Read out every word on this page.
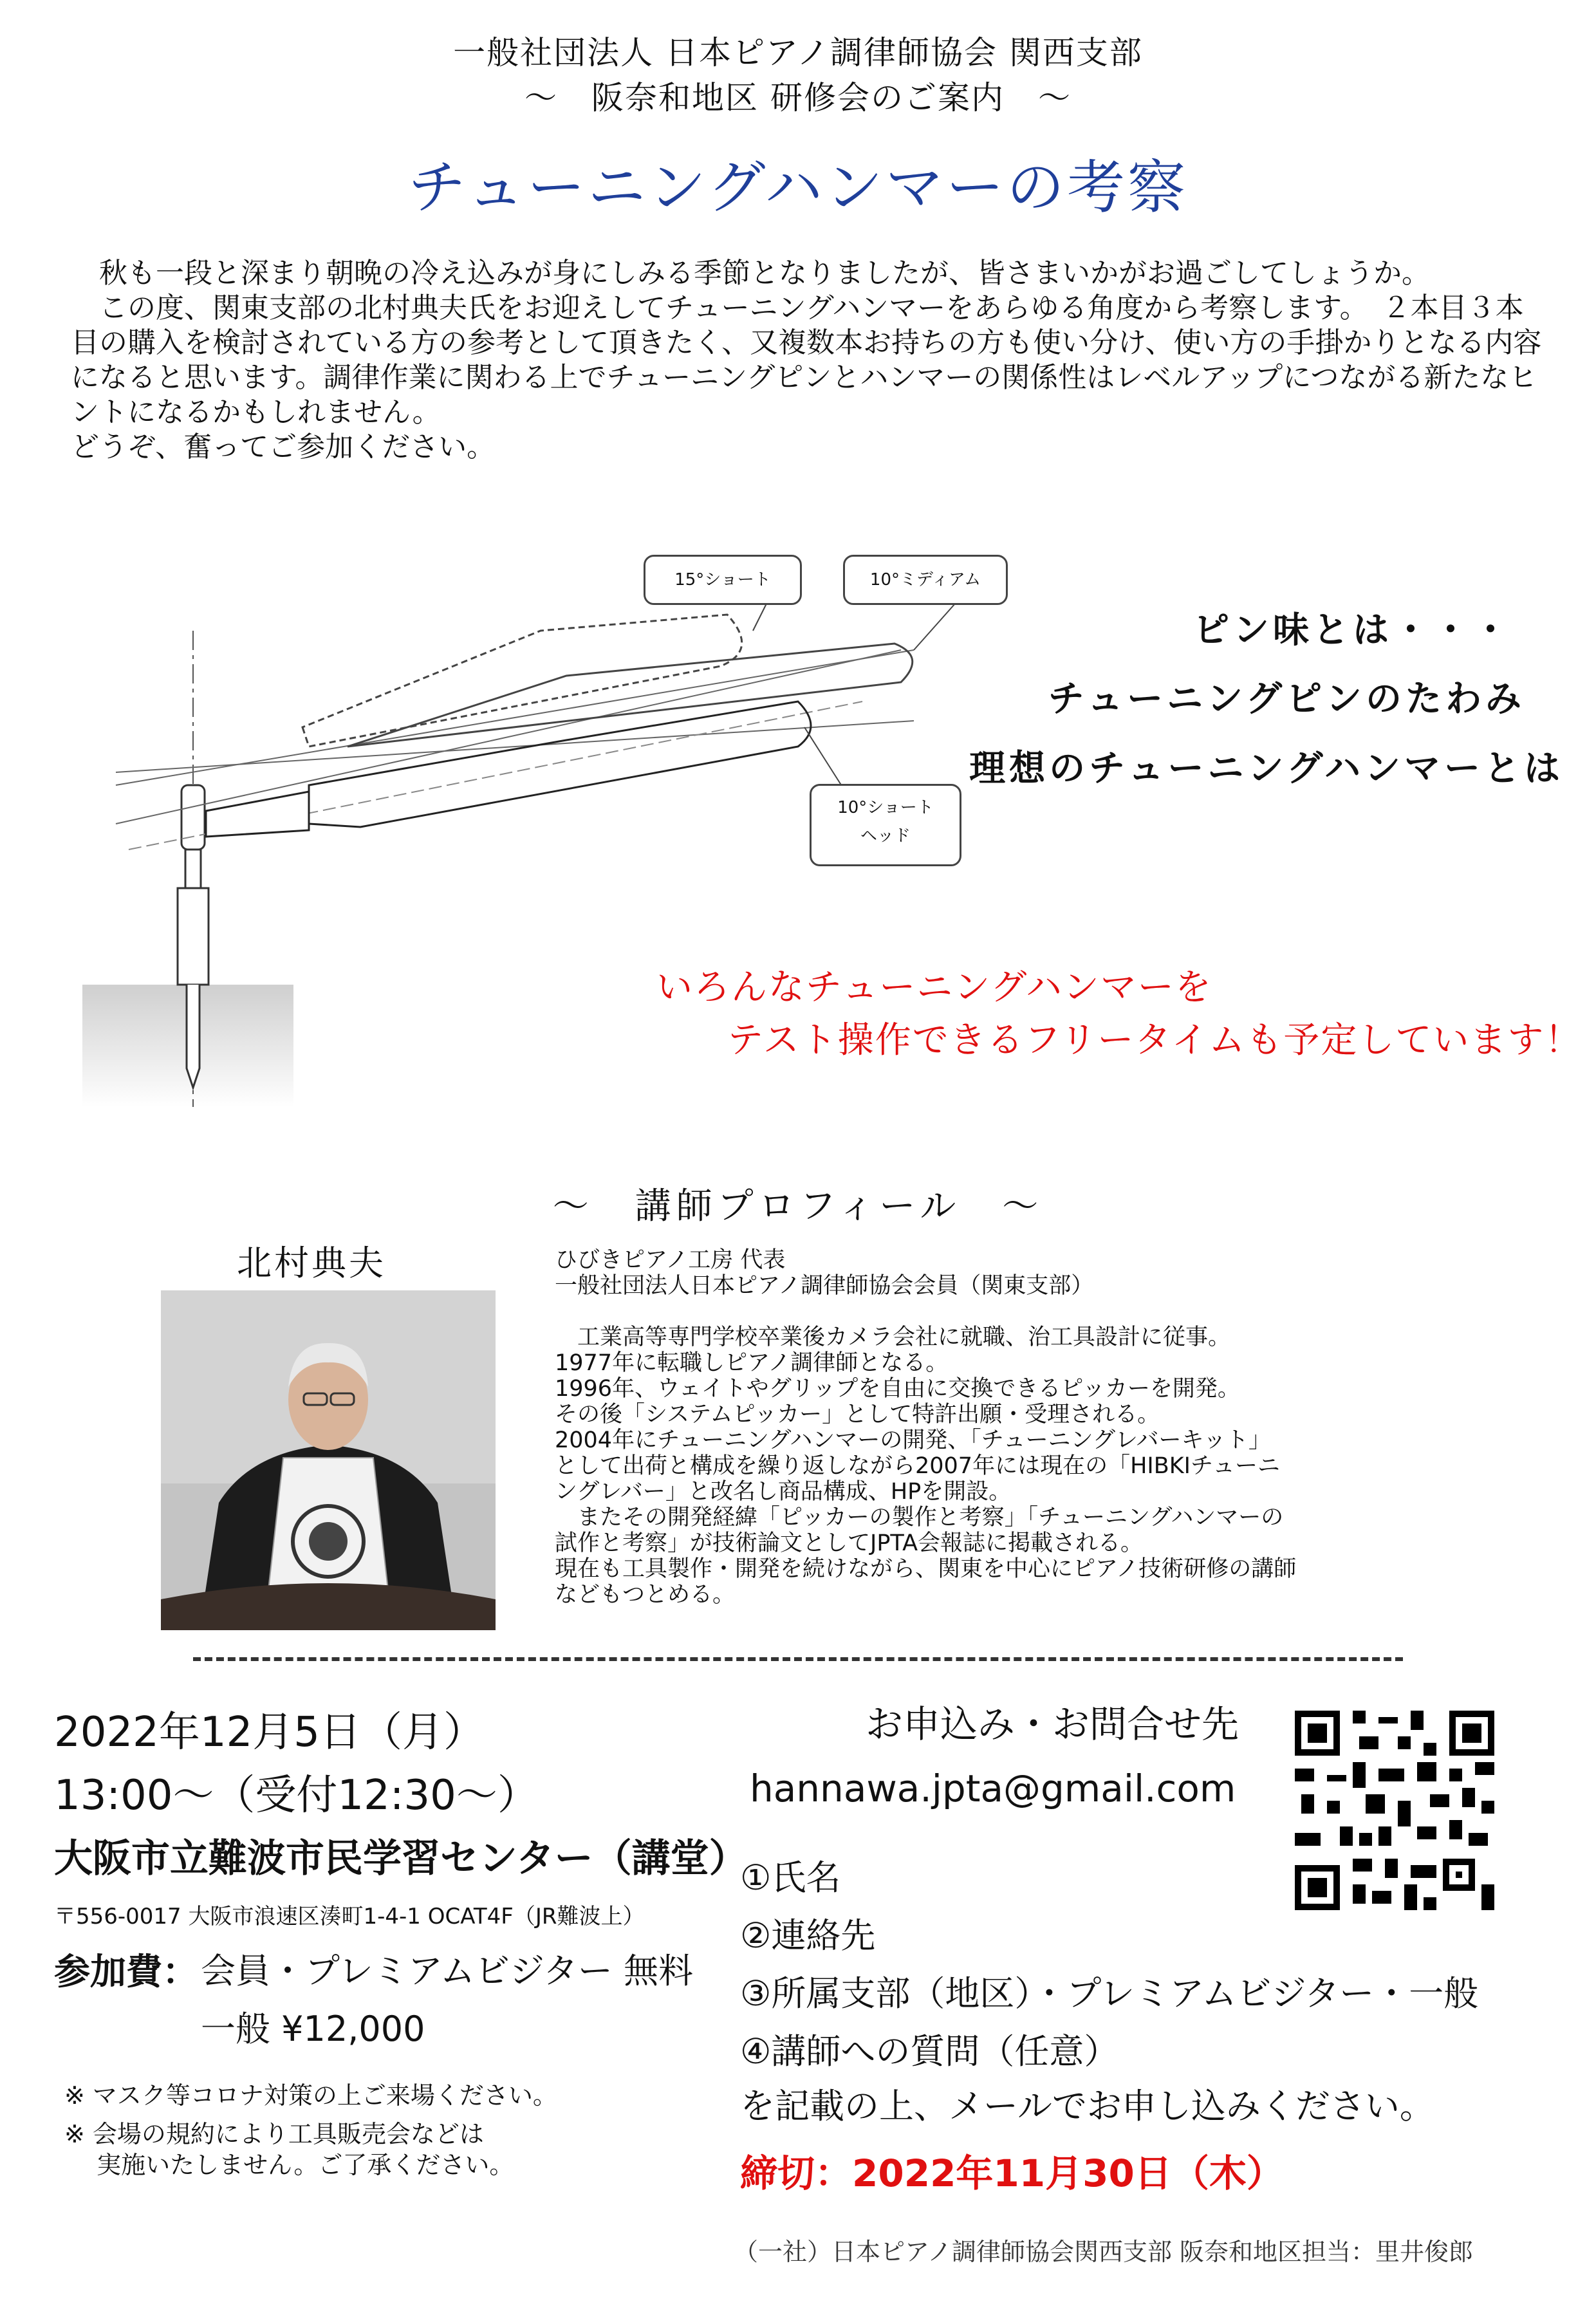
一般社団法人 日本ピアノ調律師協会 関西支部
〜　阪奈和地区 研修会のご案内　〜
チューニングハンマーの考察

　秋も一段と深まり朝晩の冷え込みが身にしみる季節となりましたが、皆さまいかがお過ごしてしょうか。

　この度、関東支部の北村典夫氏をお迎えしてチューニングハンマーをあらゆる角度から考察します。　２本目３本目の購入を検討されている方の参考として頂きたく、又複数本お持ちの方も使い分け、使い方の手掛かりとなる内容になると思います。調律作業に関わる上でチューニングピンとハンマーの関係性はレベルアップにつながる新たなヒントになるかもしれません。

どうぞ、奮ってご参加ください。

15°ショート	10°ミディアム
10°ショート
ヘッド
ピン味とは・・・
チューニングピンのたわみ
理想のチューニングハンマーとは
いろんなチューニングハンマーを
テスト操作できるフリータイムも予定しています！
〜　講師プロフィール　〜
北村典夫	ひびきピアノ工房 代表

一般社団法人日本ピアノ調律師協会会員（関東支部）

　工業高等専門学校卒業後カメラ会社に就職、治工具設計に従事。

1977年に転職しピアノ調律師となる。

1996年、ウェイトやグリップを自由に交換できるピッカーを開発。

その後「システムピッカー」として特許出願・受理される。

2004年にチューニングハンマーの開発、「チューニングレバーキット」

として出荷と構成を繰り返しながら2007年には現在の「HIBKIチューニ

ングレバー」と改名し商品構成、HPを開設。

　またその開発経緯「ピッカーの製作と考察」「チューニングハンマーの

試作と考察」が技術論文としてJPTA会報誌に掲載される。

現在も工具製作・開発を続けながら、関東を中心にピアノ技術研修の講師

などもつとめる。

2022年12月5日（月）
13:00〜（受付12:30〜）
大阪市立難波市民学習センター（講堂）
〒556-0017 大阪市浪速区湊町1-4-1 OCAT4F（JR難波上）
参加費： 会員・プレミアムビジター 無料
一般 ¥12,000
※ マスク等コロナ対策の上ご来場ください。
※ 会場の規約により工具販売会などは
　 実施いたしません。ご了承ください。
お申込み・お問合せ先
hannawa.jpta@gmail.com
①氏名
②連絡先
③所属支部（地区）・プレミアムビジター・一般
④講師への質問（任意）
を記載の上、メールでお申し込みください。
締切：2022年11月30日（木）
（一社）日本ピアノ調律師協会関西支部 阪奈和地区担当：里井俊郎
